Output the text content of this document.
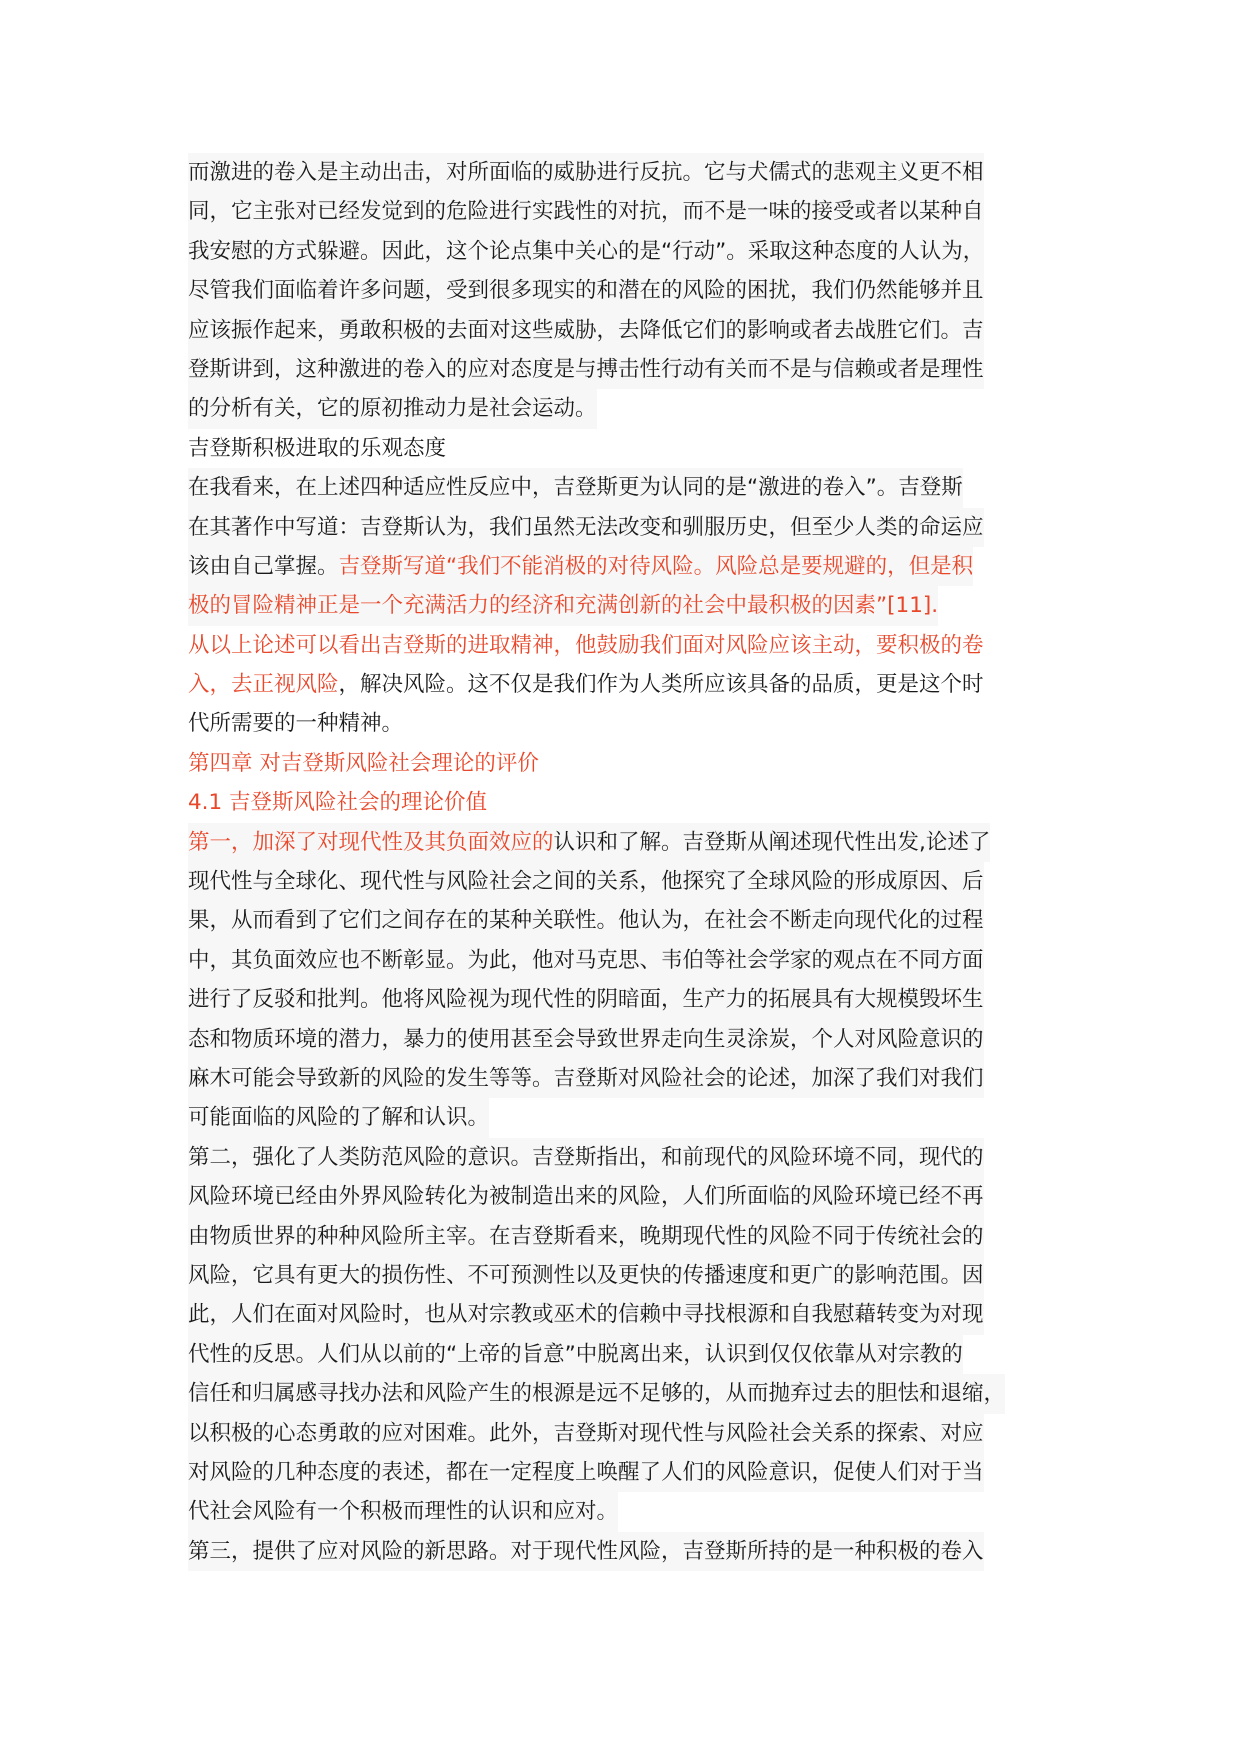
而激进的卷入是主动出击，对所面临的威胁进行反抗。它与犬儒式的悲观主义更不相
同，它主张对已经发觉到的危险进行实践性的对抗，而不是一味的接受或者以某种自
我安慰的方式躲避。因此，这个论点集中关心的是“行动”。采取这种态度的人认为，
尽管我们面临着许多问题，受到很多现实的和潜在的风险的困扰，我们仍然能够并且
应该振作起来，勇敢积极的去面对这些威胁，去降低它们的影响或者去战胜它们。吉
登斯讲到，这种激进的卷入的应对态度是与搏击性行动有关而不是与信赖或者是理性
的分析有关，它的原初推动力是社会运动。
吉登斯积极进取的乐观态度
在我看来，在上述四种适应性反应中，吉登斯更为认同的是“激进的卷入”。吉登斯
在其著作中写道：吉登斯认为，我们虽然无法改变和驯服历史，但至少人类的命运应
该由自己掌握。吉登斯写道“我们不能消极的对待风险。风险总是要规避的，但是积
极的冒险精神正是一个充满活力的经济和充满创新的社会中最积极的因素”[11].
从以上论述可以看出吉登斯的进取精神，他鼓励我们面对风险应该主动，要积极的卷
入，去正视风险，解决风险。这不仅是我们作为人类所应该具备的品质，更是这个时
代所需要的一种精神。
第四章 对吉登斯风险社会理论的评价
4.1 吉登斯风险社会的理论价值
第一，加深了对现代性及其负面效应的认识和了解。吉登斯从阐述现代性出发,论述了
现代性与全球化、现代性与风险社会之间的关系，他探究了全球风险的形成原因、后
果，从而看到了它们之间存在的某种关联性。他认为，在社会不断走向现代化的过程
中，其负面效应也不断彰显。为此，他对马克思、韦伯等社会学家的观点在不同方面
进行了反驳和批判。他将风险视为现代性的阴暗面，生产力的拓展具有大规模毁坏生
态和物质环境的潜力，暴力的使用甚至会导致世界走向生灵涂炭，个人对风险意识的
麻木可能会导致新的风险的发生等等。吉登斯对风险社会的论述，加深了我们对我们
可能面临的风险的了解和认识。
第二，强化了人类防范风险的意识。吉登斯指出，和前现代的风险环境不同，现代的
风险环境已经由外界风险转化为被制造出来的风险，人们所面临的风险环境已经不再
由物质世界的种种风险所主宰。在吉登斯看来，晚期现代性的风险不同于传统社会的
风险，它具有更大的损伤性、不可预测性以及更快的传播速度和更广的影响范围。因
此，人们在面对风险时，也从对宗教或巫术的信赖中寻找根源和自我慰藉转变为对现
代性的反思。人们从以前的“上帝的旨意”中脱离出来，认识到仅仅依靠从对宗教的
信任和归属感寻找办法和风险产生的根源是远不足够的，从而抛弃过去的胆怯和退缩，
以积极的心态勇敢的应对困难。此外，吉登斯对现代性与风险社会关系的探索、对应
对风险的几种态度的表述，都在一定程度上唤醒了人们的风险意识，促使人们对于当
代社会风险有一个积极而理性的认识和应对。
第三，提供了应对风险的新思路。对于现代性风险，吉登斯所持的是一种积极的卷入
